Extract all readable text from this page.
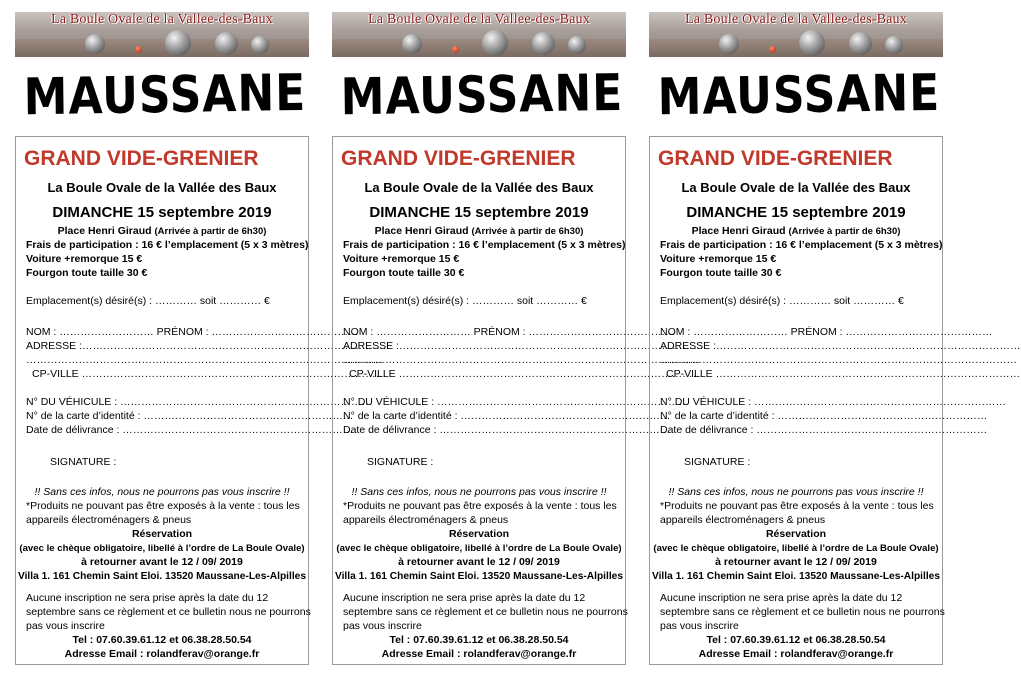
La Boule Ovale de la Vallee-des-Baux
MAUSSANE
GRAND VIDE-GRENIER
La Boule Ovale de la Vallée des Baux
DIMANCHE 15 septembre 2019
Place Henri Giraud (Arrivée à partir de 6h30)
Frais de participation : 16 € l’emplacement (5 x 3 mètres)
Voiture +remorque 15 €
Fourgon toute taille 30 €
Emplacement(s) désiré(s) : ………… soit ………… €
NOM : ……………………… PRÉNOM : ……………………………………
ADRESSE :……………………………………………………………………………
…………………………………………………………………………………………
CP-VILLE ……………………………………………………………………………
N° DU VÉHICULE : ………………………………………………………………
N° de la carte d’identité : ……………………………………………………
Date de délivrance : …………………………………………………………
SIGNATURE :
!! Sans ces infos, nous ne pourrons pas vous inscrire !!
*Produits ne pouvant pas être exposés à la vente : tous les
appareils électroménagers & pneus
Réservation
(avec le chèque obligatoire, libellé à l’ordre de La Boule Ovale)
à retourner avant le 12 / 09/ 2019
Villa 1. 161 Chemin Saint Eloi. 13520 Maussane-Les-Alpilles
Aucune inscription ne sera prise après la date du 12
septembre sans ce règlement et ce bulletin nous ne pourrons
pas vous inscrire
Tel : 07.60.39.61.12 et 06.38.28.50.54
Adresse Email : rolandferav@orange.fr
La Boule Ovale de la Vallee-des-Baux
MAUSSANE
GRAND VIDE-GRENIER
La Boule Ovale de la Vallée des Baux
DIMANCHE 15 septembre 2019
Place Henri Giraud (Arrivée à partir de 6h30)
Frais de participation : 16 € l’emplacement (5 x 3 mètres)
Voiture +remorque 15 €
Fourgon toute taille 30 €
Emplacement(s) désiré(s) : ………… soit ………… €
NOM : ……………………… PRÉNOM : ……………………………………
ADRESSE :……………………………………………………………………………
…………………………………………………………………………………………
CP-VILLE ……………………………………………………………………………
N° DU VÉHICULE : ………………………………………………………………
N° de la carte d’identité : ……………………………………………………
Date de délivrance : …………………………………………………………
SIGNATURE :
!! Sans ces infos, nous ne pourrons pas vous inscrire !!
*Produits ne pouvant pas être exposés à la vente : tous les
appareils électroménagers & pneus
Réservation
(avec le chèque obligatoire, libellé à l’ordre de La Boule Ovale)
à retourner avant le 12 / 09/ 2019
Villa 1. 161 Chemin Saint Eloi. 13520 Maussane-Les-Alpilles
Aucune inscription ne sera prise après la date du 12
septembre sans ce règlement et ce bulletin nous ne pourrons
pas vous inscrire
Tel : 07.60.39.61.12 et 06.38.28.50.54
Adresse Email : rolandferav@orange.fr
La Boule Ovale de la Vallee-des-Baux
MAUSSANE
GRAND VIDE-GRENIER
La Boule Ovale de la Vallée des Baux
DIMANCHE 15 septembre 2019
Place Henri Giraud (Arrivée à partir de 6h30)
Frais de participation : 16 € l’emplacement (5 x 3 mètres)
Voiture +remorque 15 €
Fourgon toute taille 30 €
Emplacement(s) désiré(s) : ………… soit ………… €
NOM : ……………………… PRÉNOM : ……………………………………
ADRESSE :……………………………………………………………………………
…………………………………………………………………………………………
CP-VILLE ……………………………………………………………………………
N° DU VÉHICULE : ………………………………………………………………
N° de la carte d’identité : ……………………………………………………
Date de délivrance : …………………………………………………………
SIGNATURE :
!! Sans ces infos, nous ne pourrons pas vous inscrire !!
*Produits ne pouvant pas être exposés à la vente : tous les
appareils électroménagers & pneus
Réservation
(avec le chèque obligatoire, libellé à l’ordre de La Boule Ovale)
à retourner avant le 12 / 09/ 2019
Villa 1. 161 Chemin Saint Eloi. 13520 Maussane-Les-Alpilles
Aucune inscription ne sera prise après la date du 12
septembre sans ce règlement et ce bulletin nous ne pourrons
pas vous inscrire
Tel : 07.60.39.61.12 et 06.38.28.50.54
Adresse Email : rolandferav@orange.fr
